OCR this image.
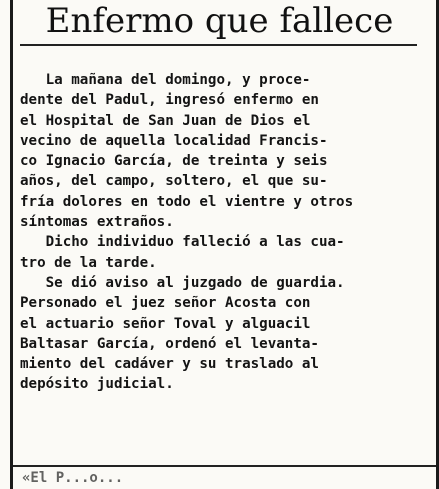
Enfermo que fallece
La mañana del domingo, y proce-
dente del Padul, ingresó enfermo en
el Hospital de San Juan de Dios el
vecino de aquella localidad Francis-
co Ignacio García, de treinta y seis
años, del campo, soltero, el que su-
fría dolores en todo el vientre y otros
síntomas extraños.
Dicho individuo falleció a las cua-
tro de la tarde.
Se dió aviso al juzgado de guardia.
Personado el juez señor Acosta con
el actuario señor Toval y alguacil
Baltasar García, ordenó el levanta-
miento del cadáver y su traslado al
depósito judicial.
«El P...o...
